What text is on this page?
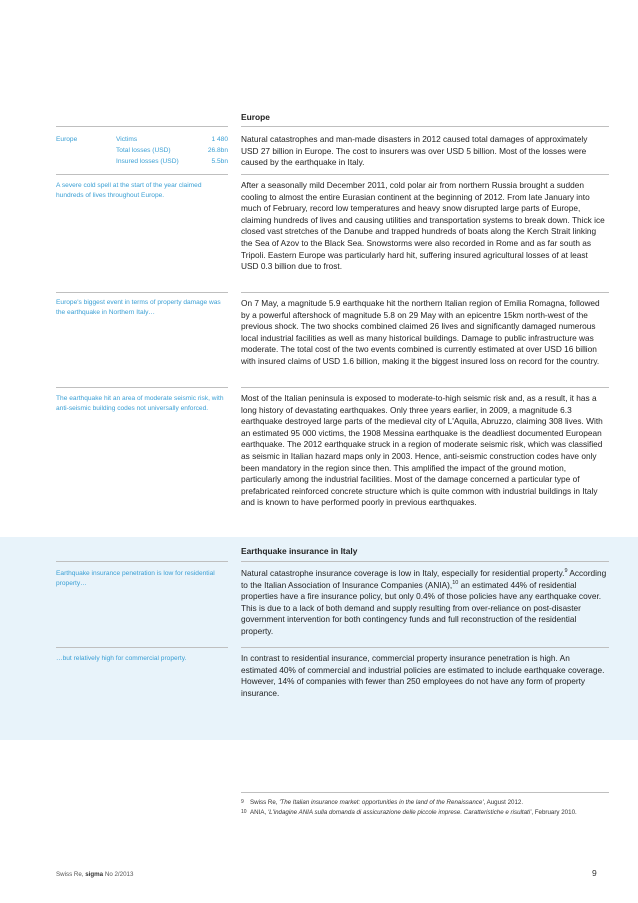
Europe
Europe	Victims	1 480
Total losses (USD)	26.8bn
Insured losses (USD)	5.5bn
Natural catastrophes and man-made disasters in 2012 caused total damages of approximately USD 27 billion in Europe. The cost to insurers was over USD 5 billion. Most of the losses were caused by the earthquake in Italy.
A severe cold spell at the start of the year claimed hundreds of lives throughout Europe.
After a seasonally mild December 2011, cold polar air from northern Russia brought a sudden cooling to almost the entire Eurasian continent at the beginning of 2012. From late January into much of February, record low temperatures and heavy snow disrupted large parts of Europe, claiming hundreds of lives and causing utilities and transportation systems to break down. Thick ice closed vast stretches of the Danube and trapped hundreds of boats along the Kerch Strait linking the Sea of Azov to the Black Sea. Snowstorms were also recorded in Rome and as far south as Tripoli. Eastern Europe was particularly hard hit, suffering insured agricultural losses of at least USD 0.3 billion due to frost.
Europe's biggest event in terms of property damage was the earthquake in Northern Italy…
On 7 May, a magnitude 5.9 earthquake hit the northern Italian region of Emilia Romagna, followed by a powerful aftershock of magnitude 5.8 on 29 May with an epicentre 15km north-west of the previous shock. The two shocks combined claimed 26 lives and significantly damaged numerous local industrial facilities as well as many historical buildings. Damage to public infrastructure was moderate. The total cost of the two events combined is currently estimated at over USD 16 billion with insured claims of USD 1.6 billion, making it the biggest insured loss on record for the country.
The earthquake hit an area of moderate seismic risk, with anti-seismic building codes not universally enforced.
Most of the Italian peninsula is exposed to moderate-to-high seismic risk and, as a result, it has a long history of devastating earthquakes. Only three years earlier, in 2009, a magnitude 6.3 earthquake destroyed large parts of the medieval city of L'Aquila, Abruzzo, claiming 308 lives. With an estimated 95 000 victims, the 1908 Messina earthquake is the deadliest documented European earthquake. The 2012 earthquake struck in a region of moderate seismic risk, which was classified as seismic in Italian hazard maps only in 2003. Hence, anti-seismic construction codes have only been mandatory in the region since then. This amplified the impact of the ground motion, particularly among the industrial facilities. Most of the damage concerned a particular type of prefabricated reinforced concrete structure which is quite common with industrial buildings in Italy and is known to have performed poorly in previous earthquakes.
Earthquake insurance in Italy
Earthquake insurance penetration is low for residential property…
Natural catastrophe insurance coverage is low in Italy, especially for residential property.$^9$ According to the Italian Association of Insurance Companies (ANIA),$^{10}$ an estimated 44% of residential properties have a fire insurance policy, but only 0.4% of those policies have any earthquake cover. This is due to a lack of both demand and supply resulting from over-reliance on post-disaster government intervention for both contingency funds and full reconstruction of the residential property.
…but relatively high for commercial property.	In contrast to residential insurance, commercial property insurance penetration is high. An estimated 40% of commercial and industrial policies are estimated to include earthquake coverage. However, 14% of companies with fewer than 250 employees do not have any form of property insurance.
9 Swiss Re, 'The Italian insurance market: opportunities in the land of the Renaissance', August 2012.
10 ANIA, 'L'indagine ANIA sulla domanda di assicurazione delle piccole imprese. Caratteristiche e risultati', February 2010.
Swiss Re, sigma No 2/2013	9
